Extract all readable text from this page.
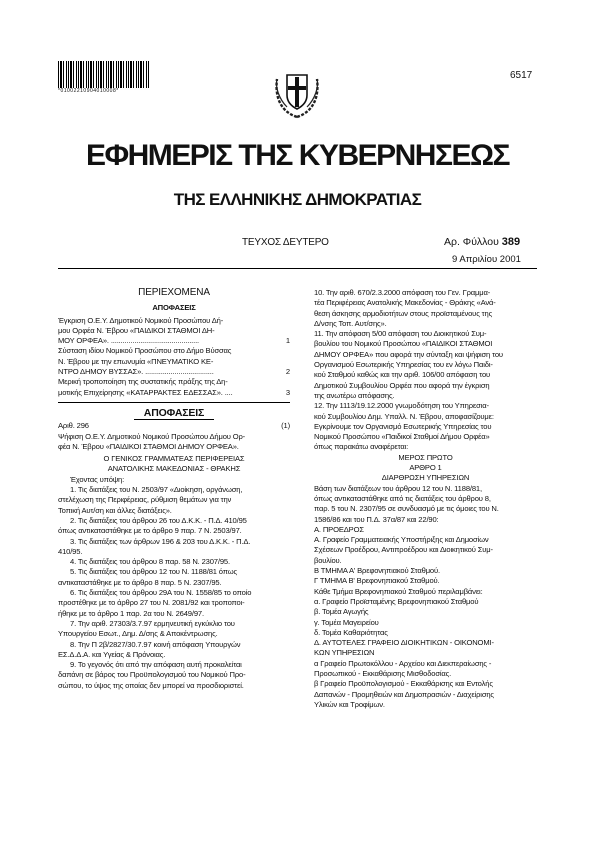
*01002210904010008*
6517
ΕΦΗΜΕΡΙΣ ΤΗΣ ΚΥΒΕΡΝΗΣΕΩΣ
ΤΗΣ ΕΛΛΗΝΙΚΗΣ ΔΗΜΟΚΡΑΤΙΑΣ
ΤΕΥΧΟΣ ΔΕΥΤΕΡΟ	Αρ. Φύλλου 389
9 Απριλίου 2001
ΠΕΡΙΕΧΟΜΕΝΑ
ΑΠΟΦΑΣΕΙΣ
Έγκριση Ο.Ε.Υ. Δημοτικού Νομικού Προσώπου Δή-
μου Ορφέα Ν. Έβρου «ΠΑΙΔΙΚΟΙ ΣΤΑΘΜΟΙ ΔΗ-
ΜΟΥ ΟΡΦΕΑ». .............................................	1
Σύσταση ιδίου Νομικού Προσώπου στο Δήμο Βύσσας
Ν. Έβρου με την επωνυμία «ΠΝΕΥΜΑΤΙΚΟ ΚΕ-
ΝΤΡΟ ΔΗΜΟΥ ΒΥΣΣΑΣ». ...................................	2
Μερική τροποποίηση της συστατικής πράξης της Δη-
μοτικής Επιχείρησης «ΚΑΤΑΡΡΑΚΤΕΣ ΕΔΕΣΣΑΣ». ....	3
ΑΠΟΦΑΣΕΙΣ
Αριθ. 296	(1)
Ψήφιση Ο.Ε.Υ. Δημοτικού Νομικού Προσώπου Δήμου Ορ-
φέα Ν. Έβρου «ΠΑΙΔΙΚΟΙ ΣΤΑΘΜΟΙ ΔΗΜΟΥ ΟΡΦΕΑ».
Ο ΓΕΝΙΚΟΣ ΓΡΑΜΜΑΤΕΑΣ ΠΕΡΙΦΕΡΕΙΑΣ
ΑΝΑΤΟΛΙΚΗΣ ΜΑΚΕΔΟΝΙΑΣ - ΘΡΑΚΗΣ
Έχοντας υπόψη:
1. Τις διατάξεις του Ν. 2503/97 «Διοίκηση, οργάνωση,
στελέχωση της Περιφέρειας, ρύθμιση θεμάτων για την
Τοπική Αυτ/ση και άλλες διατάξεις».
2. Τις διατάξεις του άρθρου 26 του Δ.Κ.Κ. - Π.Δ. 410/95
όπως αντικαταστάθηκε με το άρθρο 9 παρ. 7 Ν. 2503/97.
3. Τις διατάξεις των άρθρων 196 & 203 του Δ.Κ.Κ. - Π.Δ.
410/95.
4. Τις διατάξεις του άρθρου 8 παρ. 58 Ν. 2307/95.
5. Τις διατάξεις του άρθρου 12 του Ν. 1188/81 όπως
αντικαταστάθηκε με το άρθρο 8 παρ. 5 Ν. 2307/95.
6. Τις διατάξεις του άρθρου 29Α του Ν. 1558/85 το οποίο
προστέθηκε με το άρθρο 27 του Ν. 2081/92 και τροποποι-
ήθηκε με το άρθρο 1 παρ. 2α του Ν. 2649/97.
7. Την αριθ. 27303/3.7.97 ερμηνευτική εγκύκλιο του
Υπουργείου Εσωτ., Δημ. Δ/σης & Αποκέντρωσης.
8. Την Π 2β/2827/30.7.97 κοινή απόφαση Υπουργών
ΕΣ.Δ.Δ.Α. και Υγείας & Πρόνοιας.
9. Το γεγονός ότι από την απόφαση αυτή προκαλείται
δαπάνη σε βάρος του Προϋπολογισμού του Νομικού Προ-
σώπου, το ύψος της οποίας δεν μπορεί να προσδιοριστεί.
10. Την αριθ. 670/2.3.2000 απόφαση του Γεν. Γραμμα-
τέα Περιφέρειας Ανατολικής Μακεδονίας - Θράκης «Ανά-
θεση άσκησης αρμοδιοτήτων στους προϊσταμένους της
Δ/νσης Τοπ. Αυτ/σης».
11. Την απόφαση 5/00 απόφαση του Διοικητικού Συμ-
βουλίου του Νομικού Προσώπου «ΠΑΙΔΙΚΟΙ ΣΤΑΘΜΟΙ
ΔΗΜΟΥ ΟΡΦΕΑ» που αφορά την σύνταξη και ψήφιση του
Οργανισμού Εσωτερικής Υπηρεσίας του εν λόγω Παιδι-
κού Σταθμού καθώς και την αριθ. 106/00 απόφαση του
Δημοτικού Συμβουλίου Ορφέα που αφορά την έγκριση
της ανωτέρω απόφασης.
12. Την 1113/19.12.2000 γνωμοδότηση του Υπηρεσια-
κού Συμβουλίου Δημ. Υπαλλ. Ν. Έβρου, αποφασίζουμε:
Εγκρίνουμε τον Οργανισμό Εσωτερικής Υπηρεσίας του
Νομικού Προσώπου «Παιδικοί Σταθμοί Δήμου Ορφέα»
όπως παρακάτω αναφέρεται:
ΜΕΡΟΣ ΠΡΩΤΟ
ΑΡΘΡΟ 1
ΔΙΑΡΘΡΩΣΗ ΥΠΗΡΕΣΙΩΝ
Βάση των διατάξεων του άρθρου 12 του Ν. 1188/81,
όπως αντικαταστάθηκε από τις διατάξεις του άρθρου 8,
παρ. 5 του Ν. 2307/95 σε συνδυασμό με τις όμοιες του Ν.
1586/86 και του Π.Δ. 37α/87 και 22/90:
Α. ΠΡΟΕΔΡΟΣ
Α. Γραφείο Γραμματειακής Υποστήριξης και Δημοσίων
Σχέσεων Προέδρου, Αντιπροέδρου και Διοικητικού Συμ-
βουλίου.
Β ΤΜΗΜΑ Α' Βρεφονηπιακού Σταθμού.
Γ ΤΜΗΜΑ Β' Βρεφονηπιακού Σταθμού.
Κάθε Τμήμα Βρεφονηπιακού Σταθμού περιλαμβάνει:
α. Γραφείο Προϊσταμένης Βρεφονηπιακού Σταθμού
β. Τομέα Αγωγής
γ. Τομέα Μαγειρείου
δ. Τομέα Καθαριότητας
Δ. ΑΥΤΟΤΕΛΕΣ ΓΡΑΦΕΙΟ ΔΙΟΙΚΗΤΙΚΩΝ - ΟΙΚΟΝΟΜΙ-
ΚΩΝ ΥΠΗΡΕΣΙΩΝ
α Γραφείο Πρωτοκόλλου - Αρχείου και Διεκπεραίωσης -
Προσωπικού - Εκκαθάρισης Μισθοδοσίας.
β Γραφείο Προϋπολογισμού - Εκκαθάρισης και Εντολής
Δαπανών - Προμηθειών και Δημοπρασιών - Διαχείρισης
Υλικών και Τροφίμων.
